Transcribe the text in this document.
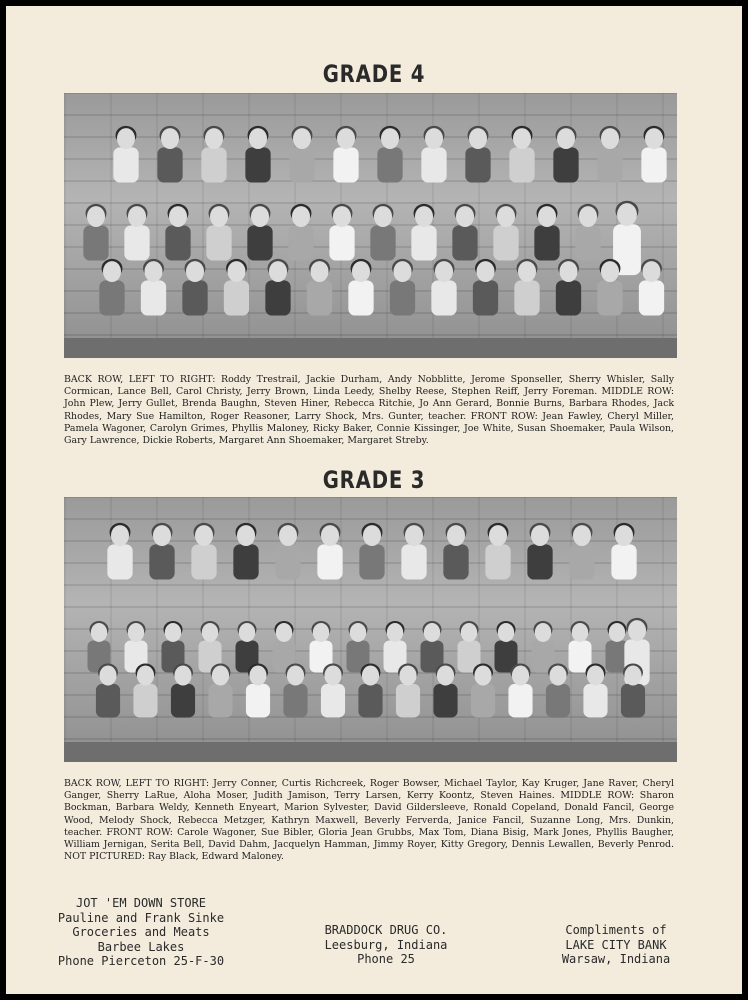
GRADE 4
BACK ROW, LEFT TO RIGHT: Roddy Trestrail, Jackie Durham, Andy Nobblitte, Jerome Sponseller, Sherry Whisler, Sally Cormican, Lance Bell, Carol Christy, Jerry Brown, Linda Leedy, Shelby Reese, Stephen Reiff, Jerry Foreman. MIDDLE ROW: John Plew, Jerry Gullet, Brenda Baughn, Steven Hiner, Rebecca Ritchie, Jo Ann Gerard, Bonnie Burns, Barbara Rhodes, Jack Rhodes, Mary Sue Hamilton, Roger Reasoner, Larry Shock, Mrs. Gunter, teacher. FRONT ROW: Jean Fawley, Cheryl Miller, Pamela Wagoner, Carolyn Grimes, Phyllis Maloney, Ricky Baker, Connie Kissinger, Joe White, Susan Shoemaker, Paula Wilson, Gary Lawrence, Dickie Roberts, Margaret Ann Shoemaker, Margaret Streby.
GRADE 3
BACK ROW, LEFT TO RIGHT: Jerry Conner, Curtis Richcreek, Roger Bowser, Michael Taylor, Kay Kruger, Jane Raver, Cheryl Ganger, Sherry LaRue, Aloha Moser, Judith Jamison, Terry Larsen, Kerry Koontz, Steven Haines. MIDDLE ROW: Sharon Bockman, Barbara Weldy, Kenneth Enyeart, Marion Sylvester, David Gildersleeve, Ronald Copeland, Donald Fancil, George Wood, Melody Shock, Rebecca Metzger, Kathryn Maxwell, Beverly Ferverda, Janice Fancil, Suzanne Long, Mrs. Dunkin, teacher. FRONT ROW: Carole Wagoner, Sue Bibler, Gloria Jean Grubbs, Max Tom, Diana Bisig, Mark Jones, Phyllis Baugher, William Jernigan, Serita Bell, David Dahm, Jacquelyn Hamman, Jimmy Royer, Kitty Gregory, Dennis Lewallen, Beverly Penrod. NOT PICTURED: Ray Black, Edward Maloney.
JOT 'EM DOWN STORE
Pauline and Frank Sinke
Groceries and Meats
Barbee Lakes
Phone Pierceton 25-F-30
BRADDOCK DRUG CO.
Leesburg, Indiana
Phone 25
Compliments of
LAKE CITY BANK
Warsaw, Indiana
